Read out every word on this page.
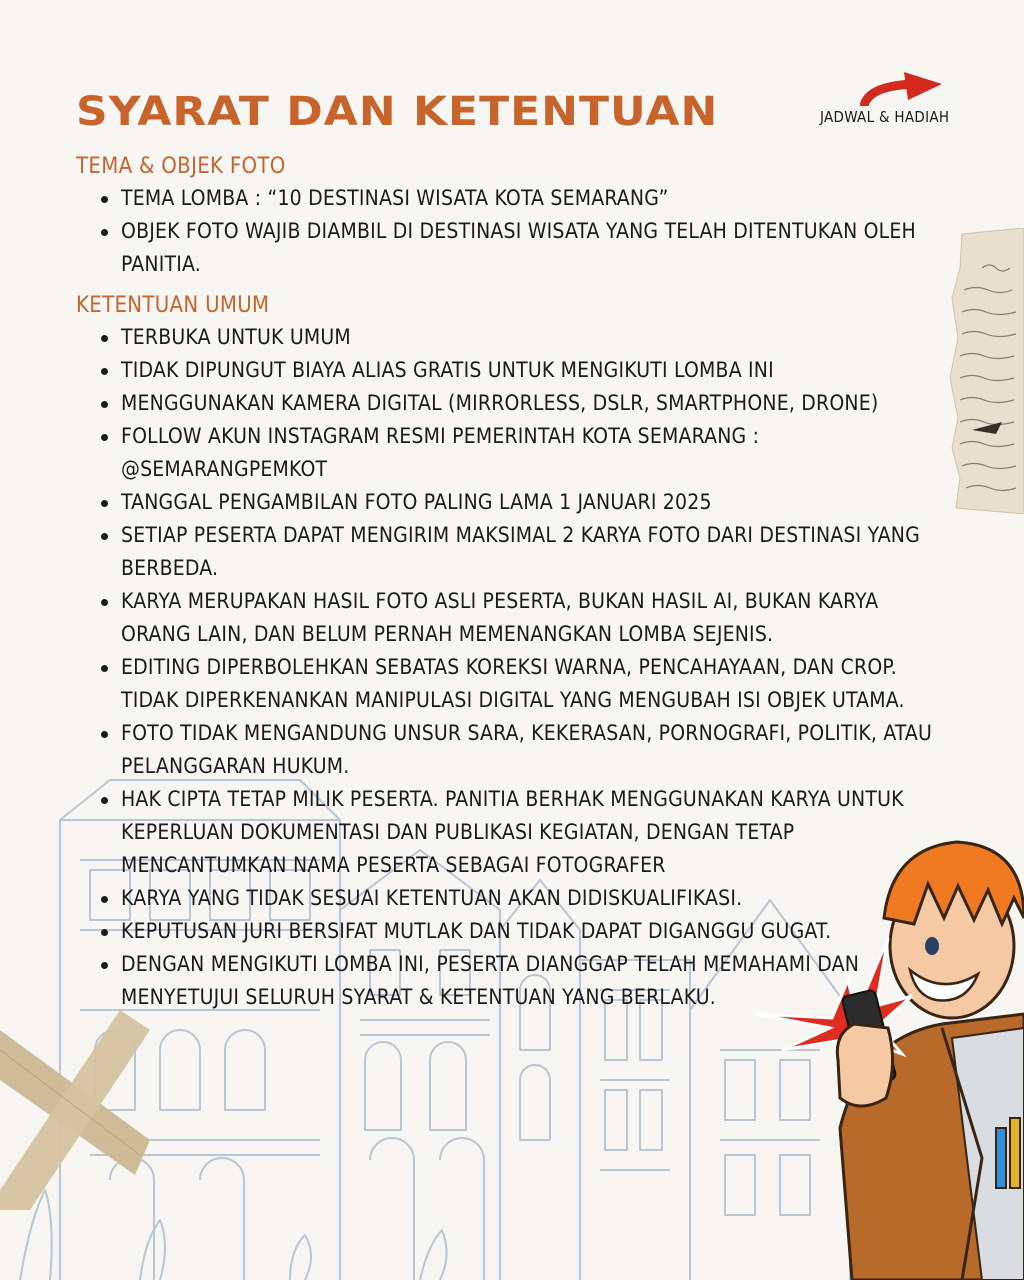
SYARAT DAN KETENTUAN	JADWAL & HADIAH
TEMA & OBJEK FOTO
TEMA LOMBA : “10 DESTINASI WISATA KOTA SEMARANG”
OBJEK FOTO WAJIB DIAMBIL DI DESTINASI WISATA YANG TELAH DITENTUKAN OLEH PANITIA.
KETENTUAN UMUM
TERBUKA UNTUK UMUM
TIDAK DIPUNGUT BIAYA ALIAS GRATIS UNTUK MENGIKUTI LOMBA INI
MENGGUNAKAN KAMERA DIGITAL (MIRRORLESS, DSLR, SMARTPHONE, DRONE)
FOLLOW AKUN INSTAGRAM RESMI PEMERINTAH KOTA SEMARANG : @SEMARANGPEMKOT
TANGGAL PENGAMBILAN FOTO PALING LAMA 1 JANUARI 2025
SETIAP PESERTA DAPAT MENGIRIM MAKSIMAL 2 KARYA FOTO DARI DESTINASI YANG BERBEDA.
KARYA MERUPAKAN HASIL FOTO ASLI PESERTA, BUKAN HASIL AI, BUKAN KARYA ORANG LAIN, DAN BELUM PERNAH MEMENANGKAN LOMBA SEJENIS.
EDITING DIPERBOLEHKAN SEBATAS KOREKSI WARNA, PENCAHAYAAN, DAN CROP. TIDAK DIPERKENANKAN MANIPULASI DIGITAL YANG MENGUBAH ISI OBJEK UTAMA.
FOTO TIDAK MENGANDUNG UNSUR SARA, KEKERASAN, PORNOGRAFI, POLITIK, ATAU PELANGGARAN HUKUM.
HAK CIPTA TETAP MILIK PESERTA. PANITIA BERHAK MENGGUNAKAN KARYA UNTUK KEPERLUAN DOKUMENTASI DAN PUBLIKASI KEGIATAN, DENGAN TETAP MENCANTUMKAN NAMA PESERTA SEBAGAI FOTOGRAFER
KARYA YANG TIDAK SESUAI KETENTUAN AKAN DIDISKUALIFIKASI.
KEPUTUSAN JURI BERSIFAT MUTLAK DAN TIDAK DAPAT DIGANGGU GUGAT.
DENGAN MENGIKUTI LOMBA INI, PESERTA DIANGGAP TELAH MEMAHAMI DAN MENYETUJUI SELURUH SYARAT & KETENTUAN YANG BERLAKU.
